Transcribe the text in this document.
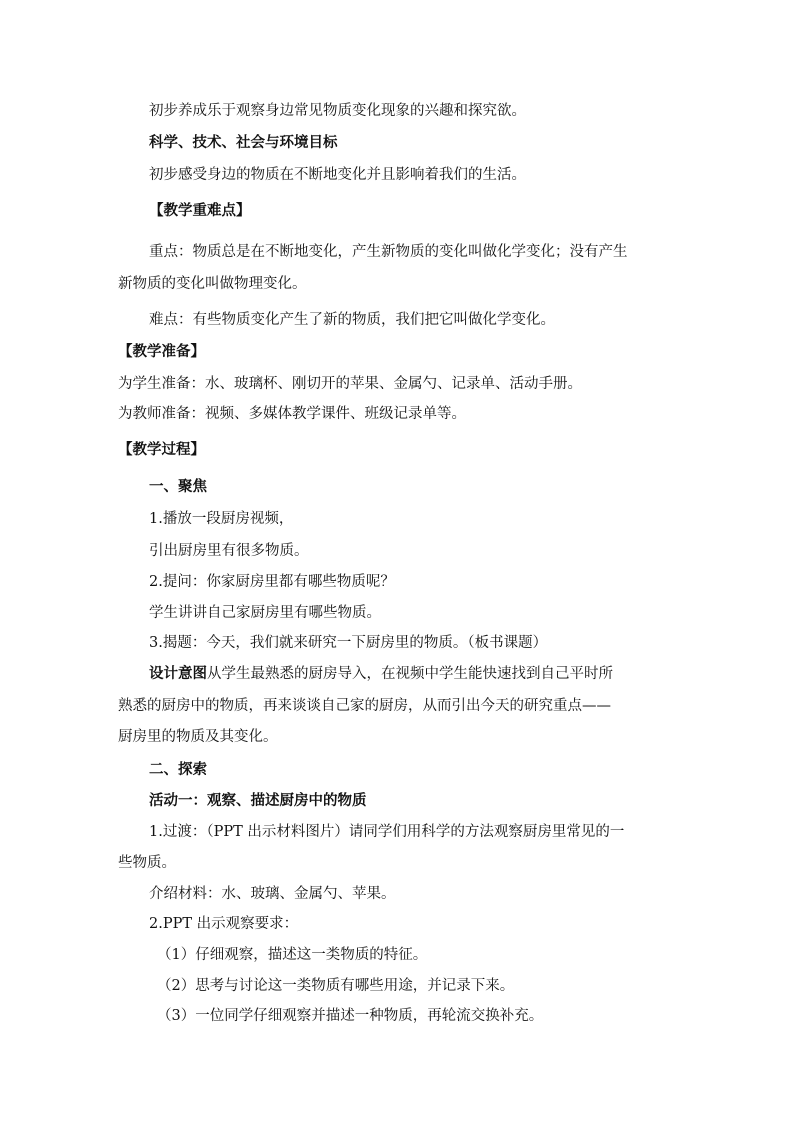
初步养成乐于观察身边常见物质变化现象的兴趣和探究欲。
科学、技术、社会与环境目标
初步感受身边的物质在不断地变化并且影响着我们的生活。
【教学重难点】
重点：物质总是在不断地变化，产生新物质的变化叫做化学变化；没有产生
新物质的变化叫做物理变化。
难点：有些物质变化产生了新的物质，我们把它叫做化学变化。
【教学准备】
为学生准备：水、玻璃杯、刚切开的苹果、金属勺、记录单、活动手册。
为教师准备：视频、多媒体教学课件、班级记录单等。
【教学过程】
一、聚焦
1.播放一段厨房视频，
引出厨房里有很多物质。
2.提问：你家厨房里都有哪些物质呢？
学生讲讲自己家厨房里有哪些物质。
3.揭题：今天，我们就来研究一下厨房里的物质。（板书课题）
设计意图从学生最熟悉的厨房导入，在视频中学生能快速找到自己平时所
熟悉的厨房中的物质，再来谈谈自己家的厨房，从而引出今天的研究重点——
厨房里的物质及其变化。
二、探索
活动一：观察、描述厨房中的物质
1.过渡：（PPT 出示材料图片）请同学们用科学的方法观察厨房里常见的一
些物质。
介绍材料：水、玻璃、金属勺、苹果。
2.PPT 出示观察要求：
（1）仔细观察，描述这一类物质的特征。
（2）思考与讨论这一类物质有哪些用途，并记录下来。
（3）一位同学仔细观察并描述一种物质，再轮流交换补充。
